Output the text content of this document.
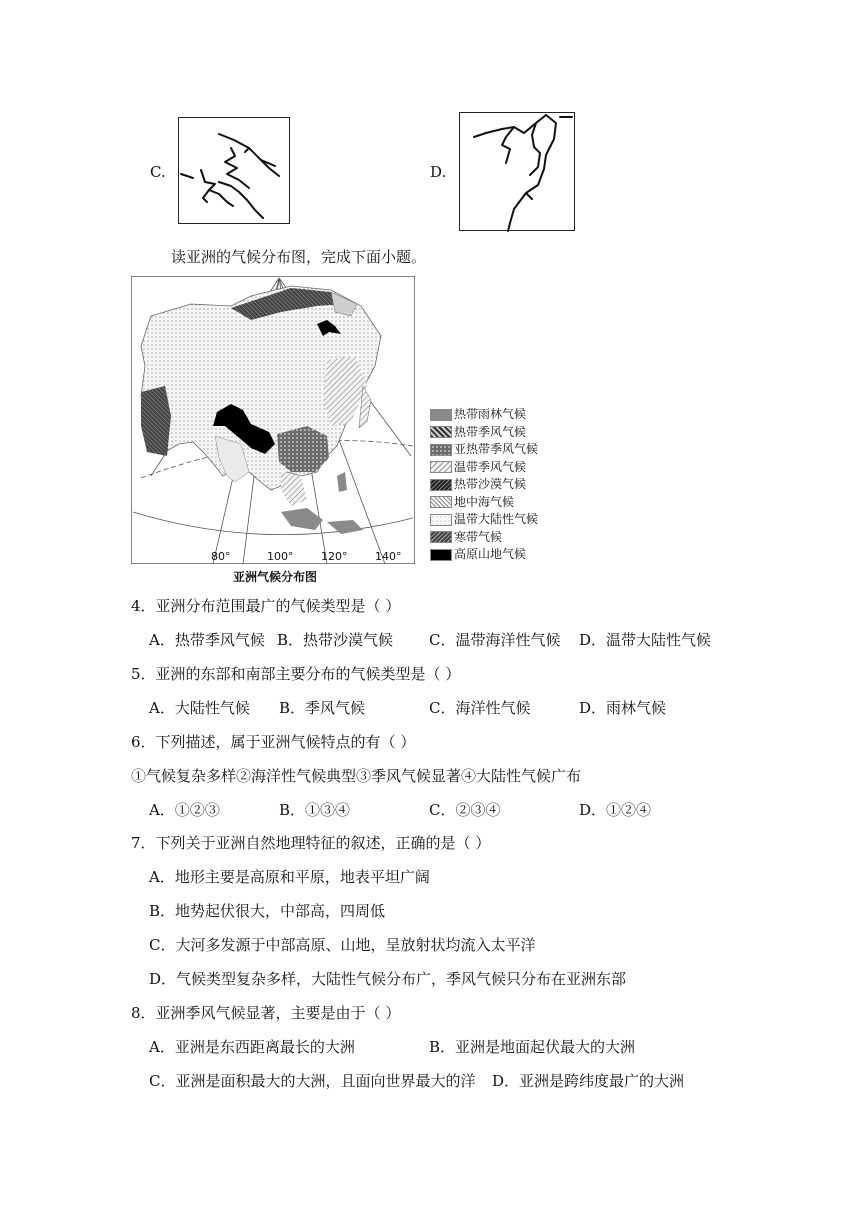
C.	D.
读亚洲的气候分布图，完成下面小题。
80°	100°	120°	140°
亚洲气候分布图
热带雨林气候
热带季风气候
亚热带季风气候
温带季风气候
热带沙漠气候
地中海气候
温带大陆性气候
寒带气候
高原山地气候
4．亚洲分布范围最广的气候类型是（ ）
A．热带季风气候 B．热带沙漠气候 C．温带海洋性气候 D．温带大陆性气候
5．亚洲的东部和南部主要分布的气候类型是（ ）
A．大陆性气候 B．季风气候	C．海洋性气候	D．雨林气候
6．下列描述，属于亚洲气候特点的有（ ）
①气候复杂多样②海洋性气候典型③季风气候显著④大陆性气候广布
A．①②③	B．①③④	C．②③④	D．①②④
7．下列关于亚洲自然地理特征的叙述，正确的是（ ）
A．地形主要是高原和平原，地表平坦广阔
B．地势起伏很大，中部高，四周低
C．大河多发源于中部高原、山地，呈放射状均流入太平洋
D．气候类型复杂多样，大陆性气候分布广，季风气候只分布在亚洲东部
8．亚洲季风气候显著，主要是由于（ ）
A．亚洲是东西距离最长的大洲	B．亚洲是地面起伏最大的大洲
C．亚洲是面积最大的大洲，且面向世界最大的洋 D．亚洲是跨纬度最广的大洲
